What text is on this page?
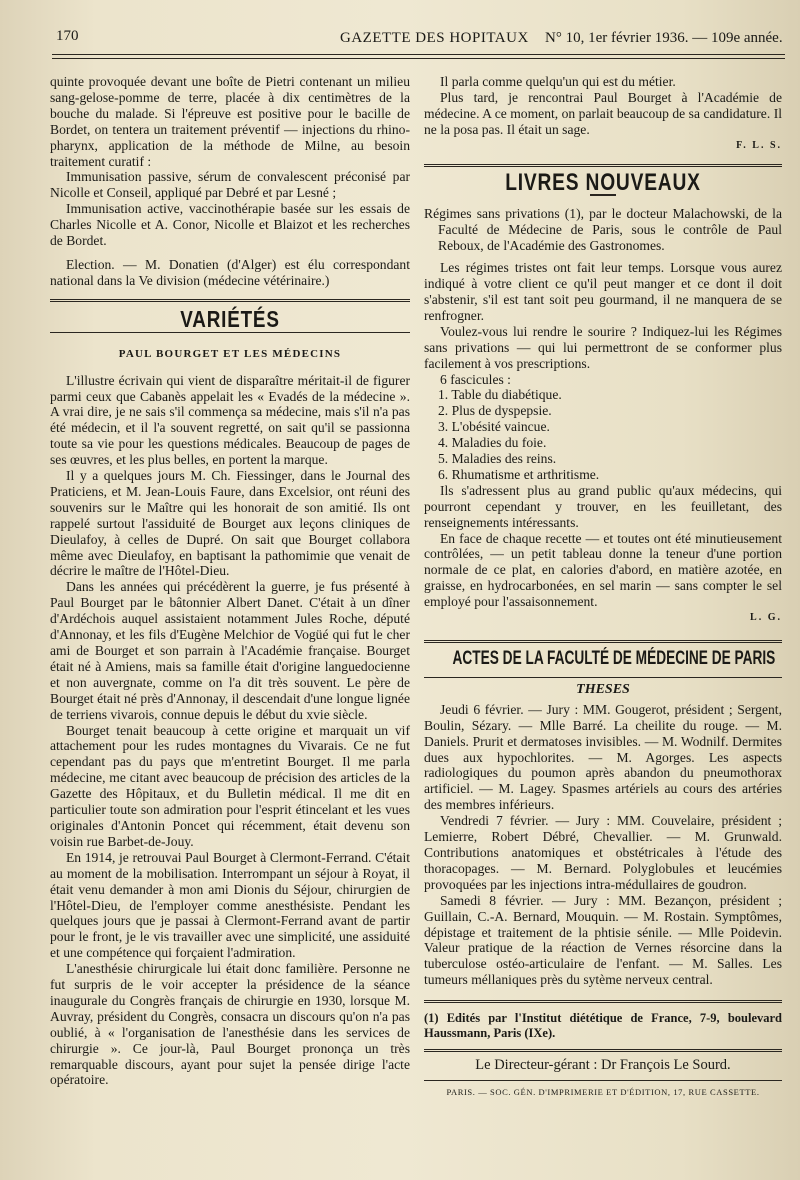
170	GAZETTE DES HOPITAUX N° 10, 1er février 1936. — 109e année.

quinte provoquée devant une boîte de Pietri contenant un milieu sang-gelose-pomme de terre, placée à dix centimètres de la bouche du malade. Si l'épreuve est positive pour le bacille de Bordet, on tentera un traitement préventif — injections du rhino-pharynx, application de la méthode de Milne, au besoin traitement curatif :

Immunisation passive, sérum de convalescent préconisé par Nicolle et Conseil, appliqué par Debré et par Lesné ;

Immunisation active, vaccinothérapie basée sur les essais de Charles Nicolle et A. Conor, Nicolle et Blaizot et les recherches de Bordet.

Election. — M. Donatien (d'Alger) est élu correspondant national dans la Ve division (médecine vétérinaire.)

VARIÉTÉS
PAUL BOURGET ET LES MÉDECINS

L'illustre écrivain qui vient de disparaître méritait-il de figurer parmi ceux que Cabanès appelait les « Evadés de la médecine ». A vrai dire, je ne sais s'il commença sa médecine, mais s'il n'a pas été médecin, et il l'a souvent regretté, on sait qu'il se passionna toute sa vie pour les questions médicales. Beaucoup de pages de ses œuvres, et les plus belles, en portent la marque.

Il y a quelques jours M. Ch. Fiessinger, dans le Journal des Praticiens, et M. Jean-Louis Faure, dans Excelsior, ont réuni des souvenirs sur le Maître qui les honorait de son amitié. Ils ont rappelé surtout l'assiduité de Bourget aux leçons cliniques de Dieulafoy, à celles de Dupré. On sait que Bourget collabora même avec Dieulafoy, en baptisant la pathomimie que venait de décrire le maître de l'Hôtel-Dieu.

Dans les années qui précédèrent la guerre, je fus présenté à Paul Bourget par le bâtonnier Albert Danet. C'était à un dîner d'Ardéchois auquel assistaient notamment Jules Roche, député d'Annonay, et les fils d'Eugène Melchior de Vogüé qui fut le cher ami de Bourget et son parrain à l'Académie française. Bourget était né à Amiens, mais sa famille était d'origine languedocienne et non auvergnate, comme on l'a dit très souvent. Le père de Bourget était né près d'Annonay, il descendait d'une longue lignée de terriens vivarois, connue depuis le début du xvie siècle.

Bourget tenait beaucoup à cette origine et marquait un vif attachement pour les rudes montagnes du Vivarais. Ce ne fut cependant pas du pays que m'entretint Bourget. Il me parla médecine, me citant avec beaucoup de précision des articles de la Gazette des Hôpitaux, et du Bulletin médical. Il me dit en particulier toute son admiration pour l'esprit étincelant et les vues originales d'Antonin Poncet qui récemment, était devenu son voisin rue Barbet-de-Jouy.

En 1914, je retrouvai Paul Bourget à Clermont-Ferrand. C'était au moment de la mobilisation. Interrompant un séjour à Royat, il était venu demander à mon ami Dionis du Séjour, chirurgien de l'Hôtel-Dieu, de l'employer comme anesthésiste. Pendant les quelques jours que je passai à Clermont-Ferrand avant de partir pour le front, je le vis travailler avec une simplicité, une assiduité et une compétence qui forçaient l'admiration.

L'anesthésie chirurgicale lui était donc familière. Personne ne fut surpris de le voir accepter la présidence de la séance inaugurale du Congrès français de chirurgie en 1930, lorsque M. Auvray, président du Congrès, consacra un discours qu'on n'a pas oublié, à « l'organisation de l'anesthésie dans les services de chirurgie ». Ce jour-là, Paul Bourget prononça un très remarquable discours, ayant pour sujet la pensée dirige l'acte opératoire.

Il parla comme quelqu'un qui est du métier.

Plus tard, je rencontrai Paul Bourget à l'Académie de médecine. A ce moment, on parlait beaucoup de sa candidature. Il ne la posa pas. Il était un sage.

F. L. S.
LIVRES NOUVEAUX

Régimes sans privations (1), par le docteur Malachowski, de la Faculté de Médecine de Paris, sous le contrôle de Paul Reboux, de l'Académie des Gastronomes.

Les régimes tristes ont fait leur temps. Lorsque vous aurez indiqué à votre client ce qu'il peut manger et ce dont il doit s'abstenir, s'il est tant soit peu gourmand, il ne manquera de se renfrogner.

Voulez-vous lui rendre le sourire ? Indiquez-lui les Régimes sans privations — qui lui permettront de se conformer plus facilement à vos prescriptions.

6 fascicules :

1. Table du diabétique.

2. Plus de dyspepsie.

3. L'obésité vaincue.

4. Maladies du foie.

5. Maladies des reins.

6. Rhumatisme et arthritisme.

Ils s'adressent plus au grand public qu'aux médecins, qui pourront cependant y trouver, en les feuilletant, des renseignements intéressants.

En face de chaque recette — et toutes ont été minutieusement contrôlées, — un petit tableau donne la teneur d'une portion normale de ce plat, en calories d'abord, en matière azotée, en graisse, en hydrocarbonées, en sel marin — sans compter le sel employé pour l'assaisonnement.

L. G.
ACTES DE LA FACULTÉ DE MÉDECINE DE PARIS
THESES

Jeudi 6 février. — Jury : MM. Gougerot, président ; Sergent, Boulin, Sézary. — Mlle Barré. La cheilite du rouge. — M. Daniels. Prurit et dermatoses invisibles. — M. Wodnilf. Dermites dues aux hypochlorites. — M. Agorges. Les aspects radiologiques du poumon après abandon du pneumothorax artificiel. — M. Lagey. Spasmes artériels au cours des artéries des membres inférieurs.

Vendredi 7 février. — Jury : MM. Couvelaire, président ; Lemierre, Robert Débré, Chevallier. — M. Grunwald. Contributions anatomiques et obstétricales à l'étude des thoracopages. — M. Bernard. Polyglobules et leucémies provoquées par les injections intra-médullaires de goudron.

Samedi 8 février. — Jury : MM. Bezançon, président ; Guillain, C.-A. Bernard, Mouquin. — M. Rostain. Symptômes, dépistage et traitement de la phtisie sénile. — Mlle Poidevin. Valeur pratique de la réaction de Vernes résorcine dans la tuberculose ostéo-articulaire de l'enfant. — M. Salles. Les tumeurs méllaniques près du sytème nerveux central.

(1) Edités par l'Institut diététique de France, 7-9, boulevard Haussmann, Paris (IXe).

Le Directeur-gérant : Dr François Le Sourd.
PARIS. — SOC. GÉN. D'IMPRIMERIE ET D'ÉDITION, 17, RUE CASSETTE.
